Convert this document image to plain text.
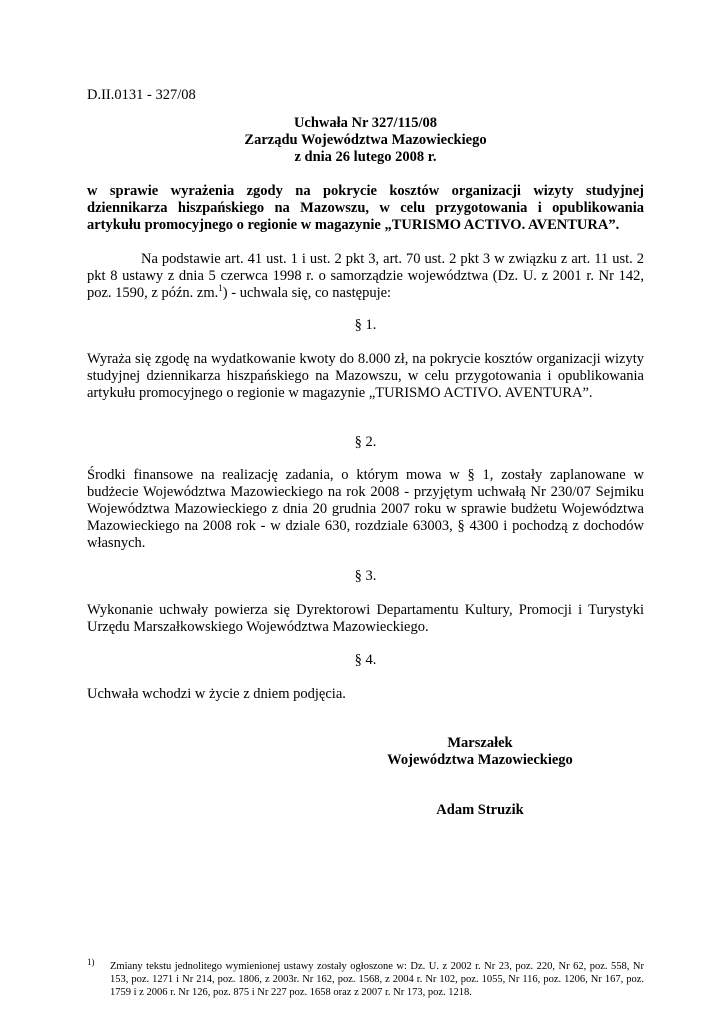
D.II.0131 - 327/08
Uchwała Nr 327/115/08
Zarządu Województwa Mazowieckiego
z dnia 26 lutego 2008 r.
w sprawie wyrażenia zgody na pokrycie kosztów organizacji wizyty studyjnej dziennikarza hiszpańskiego na Mazowszu, w celu przygotowania i opublikowania artykułu promocyjnego o regionie w magazynie „TURISMO ACTIVO. AVENTURA”.
Na podstawie art. 41 ust. 1 i ust. 2 pkt 3, art. 70 ust. 2 pkt 3 w związku z art. 11 ust. 2 pkt 8 ustawy z dnia 5 czerwca 1998 r. o samorządzie województwa (Dz. U. z 2001 r. Nr 142, poz. 1590, z późn. zm.$^1$) - uchwala się, co następuje:
§ 1.
Wyraża się zgodę na wydatkowanie kwoty do 8.000 zł, na pokrycie kosztów organizacji wizyty studyjnej dziennikarza hiszpańskiego na Mazowszu, w celu przygotowania i opublikowania artykułu promocyjnego o regionie w magazynie „TURISMO ACTIVO. AVENTURA”.
§ 2.
Środki finansowe na realizację zadania, o którym mowa w § 1, zostały zaplanowane w budżecie Województwa Mazowieckiego na rok 2008 - przyjętym uchwałą Nr 230/07 Sejmiku Województwa Mazowieckiego z dnia 20 grudnia 2007 roku w sprawie budżetu Województwa Mazowieckiego na 2008 rok - w dziale 630, rozdziale 63003, § 4300 i pochodzą z dochodów własnych.
§ 3.
Wykonanie uchwały powierza się Dyrektorowi Departamentu Kultury, Promocji i Turystyki Urzędu Marszałkowskiego Województwa Mazowieckiego.
§ 4.
Uchwała wchodzi w życie z dniem podjęcia.
Marszałek
Województwa Mazowieckiego
Adam Struzik
1) Zmiany tekstu jednolitego wymienionej ustawy zostały ogłoszone w: Dz. U. z 2002 r. Nr 23, poz. 220, Nr 62, poz. 558, Nr 153, poz. 1271 i Nr 214, poz. 1806, z 2003r. Nr 162, poz. 1568, z 2004 r. Nr 102, poz. 1055, Nr 116, poz. 1206, Nr 167, poz. 1759 i z 2006 r. Nr 126, poz. 875 i Nr 227 poz. 1658 oraz z 2007 r. Nr 173, poz. 1218.
